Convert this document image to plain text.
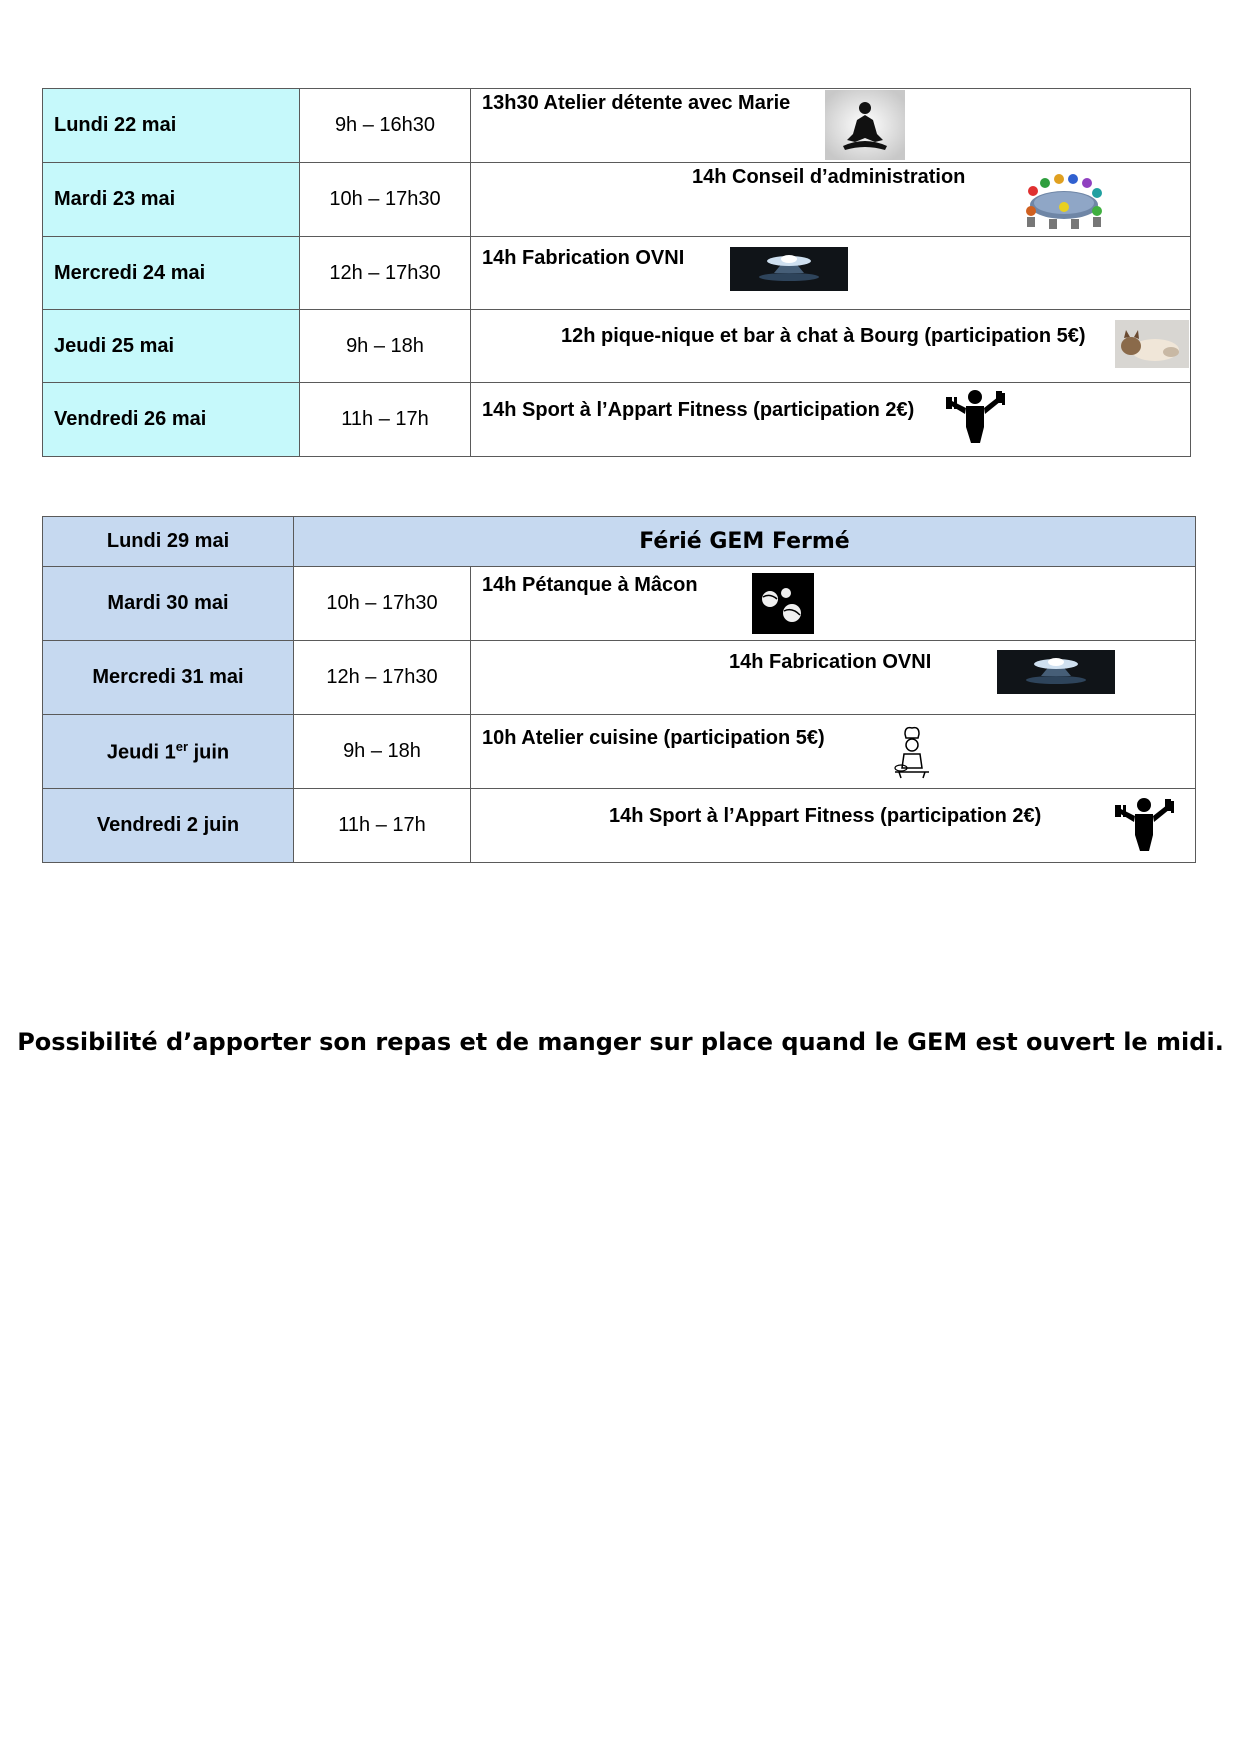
Lundi 22 mai	9h – 16h30	13h30 Atelier détente avec Marie

Mardi 23 mai	10h – 17h30	14h Conseil d’administration

Mercredi 24 mai	12h – 17h30	14h Fabrication OVNI

Jeudi 25 mai	9h – 18h	12h pique-nique et bar à chat à Bourg (participation 5€)

Vendredi 26 mai	11h – 17h	14h Sport à l’Appart Fitness (participation 2€)
Lundi 29 mai	Férié GEM Fermé	
Mardi 30 mai	10h – 17h30	14h Pétanque à Mâcon

Mercredi 31 mai	12h – 17h30	14h Fabrication OVNI

Jeudi 1er juin	9h – 18h	10h Atelier cuisine (participation 5€)

Vendredi 2 juin	11h – 17h	14h Sport à l’Appart Fitness (participation 2€)
Possibilité d’apporter son repas et de manger sur place quand le GEM est ouvert le midi.
